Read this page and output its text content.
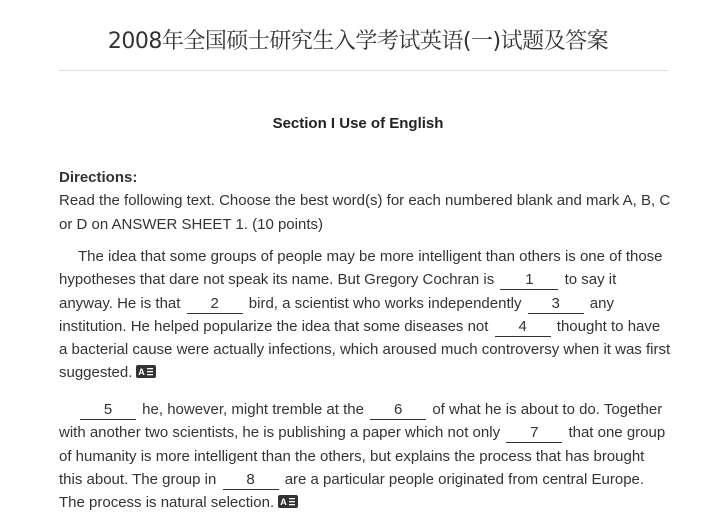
2008年全国硕士研究生入学考试英语(一)试题及答案
Section I Use of English
Directions:
Read the following text. Choose the best word(s) for each numbered blank and mark A, B, C or D on ANSWER SHEET 1. (10 points)
The idea that some groups of people may be more intelligent than others is one of those hypotheses that dare not speak its name. But Gregory Cochran is 1 to say it anyway. He is that 2 bird, a scientist who works independently 3 any institution. He helped popularize the idea that some diseases not 4 thought to have a bacterial cause were actually infections, which aroused much controversy when it was first suggested. A
5 he, however, might tremble at the 6 of what he is about to do. Together with another two scientists, he is publishing a paper which not only 7 that one group of humanity is more intelligent than the others, but explains the process that has brought this about. The group in 8 are a particular people originated from central Europe. The process is natural selection. A
